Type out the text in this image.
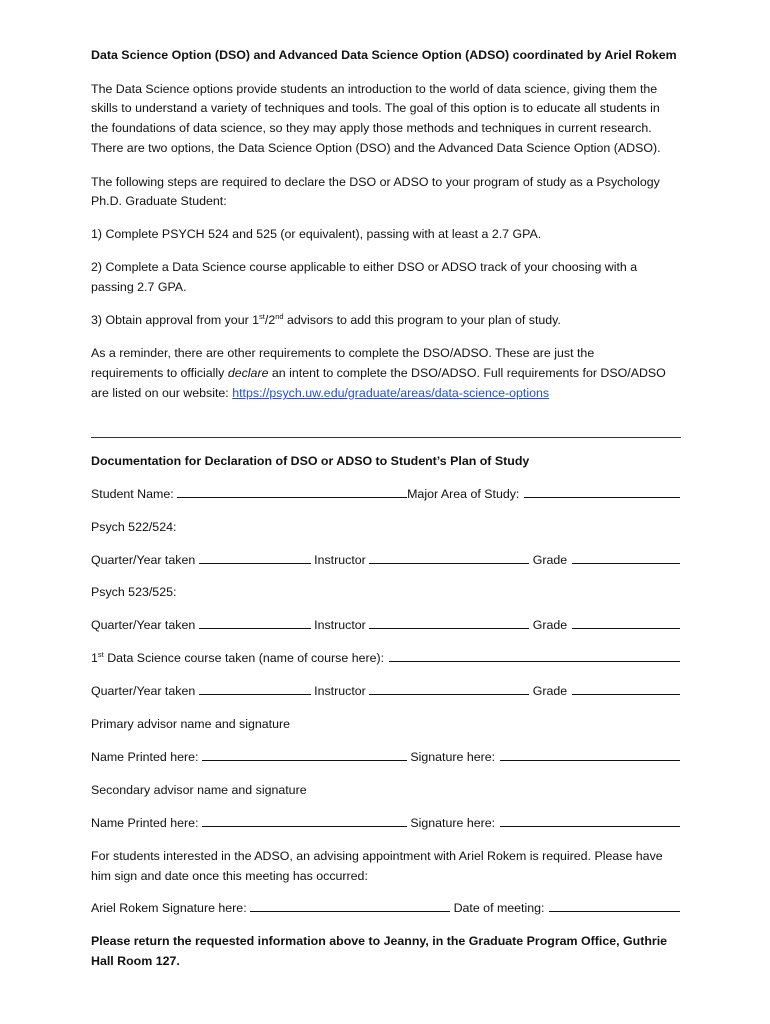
Data Science Option (DSO) and Advanced Data Science Option (ADSO) coordinated by Ariel Rokem
The Data Science options provide students an introduction to the world of data science, giving them the
skills to understand a variety of techniques and tools. The goal of this option is to educate all students in
the foundations of data science, so they may apply those methods and techniques in current research.
There are two options, the Data Science Option (DSO) and the Advanced Data Science Option (ADSO).
The following steps are required to declare the DSO or ADSO to your program of study as a Psychology
Ph.D. Graduate Student:
1) Complete PSYCH 524 and 525 (or equivalent), passing with at least a 2.7 GPA.
2) Complete a Data Science course applicable to either DSO or ADSO track of your choosing with a
passing 2.7 GPA.
3) Obtain approval from your 1st/2nd advisors to add this program to your plan of study.
As a reminder, there are other requirements to complete the DSO/ADSO. These are just the
requirements to officially declare an intent to complete the DSO/ADSO. Full requirements for DSO/ADSO
are listed on our website: https://psych.uw.edu/graduate/areas/data-science-options
Documentation for Declaration of DSO or ADSO to Student’s Plan of Study
Student Name:
	Major Area of Study:

Psych 522/524:
Quarter/Year taken

	Instructor

	Grade

Psych 523/525:
Quarter/Year taken

	Instructor

	Grade

1st Data Science course taken (name of course here):

Quarter/Year taken

	Instructor

	Grade

Primary advisor name and signature
Name Printed here:

	Signature here:

Secondary advisor name and signature
Name Printed here:

	Signature here:

For students interested in the ADSO, an advising appointment with Ariel Rokem is required. Please have
him sign and date once this meeting has occurred:
Ariel Rokem Signature here:

	Date of meeting:

Please return the requested information above to Jeanny, in the Graduate Program Office, Guthrie
Hall Room 127.
